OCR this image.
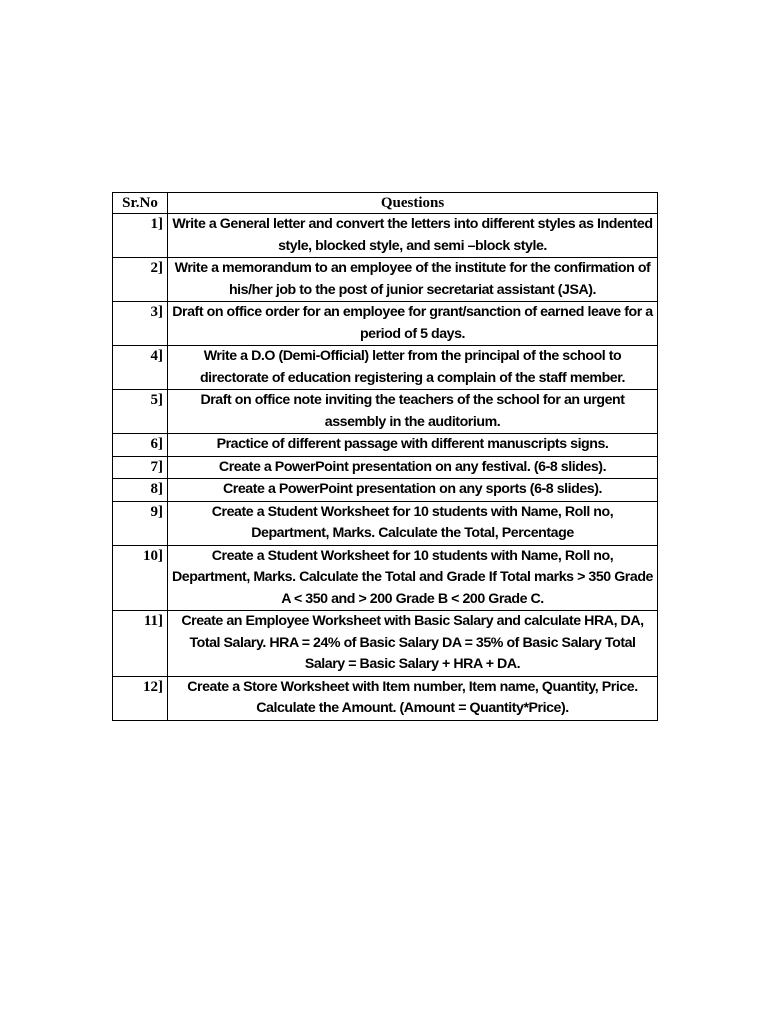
Sr.No	Questions
1]	Write a General letter and convert the letters into different styles as Indented style, blocked style, and semi –block style.
2]	Write a memorandum to an employee of the institute for the confirmation of his/her job to the post of junior secretariat assistant (JSA).
3]	Draft on office order for an employee for grant/sanction of earned leave for a period of 5 days.
4]	Write a D.O (Demi-Official) letter from the principal of the school to directorate of education registering a complain of the staff member.
5]	Draft on office note inviting the teachers of the school for an urgent assembly in the auditorium.
6]	Practice of different passage with different manuscripts signs.
7]	Create a PowerPoint presentation on any festival. (6-8 slides).
8]	Create a PowerPoint presentation on any sports (6-8 slides).
9]	Create a Student Worksheet for 10 students with Name, Roll no, Department, Marks. Calculate the Total, Percentage
10]	Create a Student Worksheet for 10 students with Name, Roll no, Department, Marks. Calculate the Total and Grade If Total marks > 350 Grade A < 350 and > 200 Grade B < 200 Grade C.
11]	Create an Employee Worksheet with Basic Salary and calculate HRA, DA, Total Salary. HRA = 24% of Basic Salary DA = 35% of Basic Salary Total Salary = Basic Salary + HRA + DA.
12]	Create a Store Worksheet with Item number, Item name, Quantity, Price. Calculate the Amount. (Amount = Quantity*Price).
